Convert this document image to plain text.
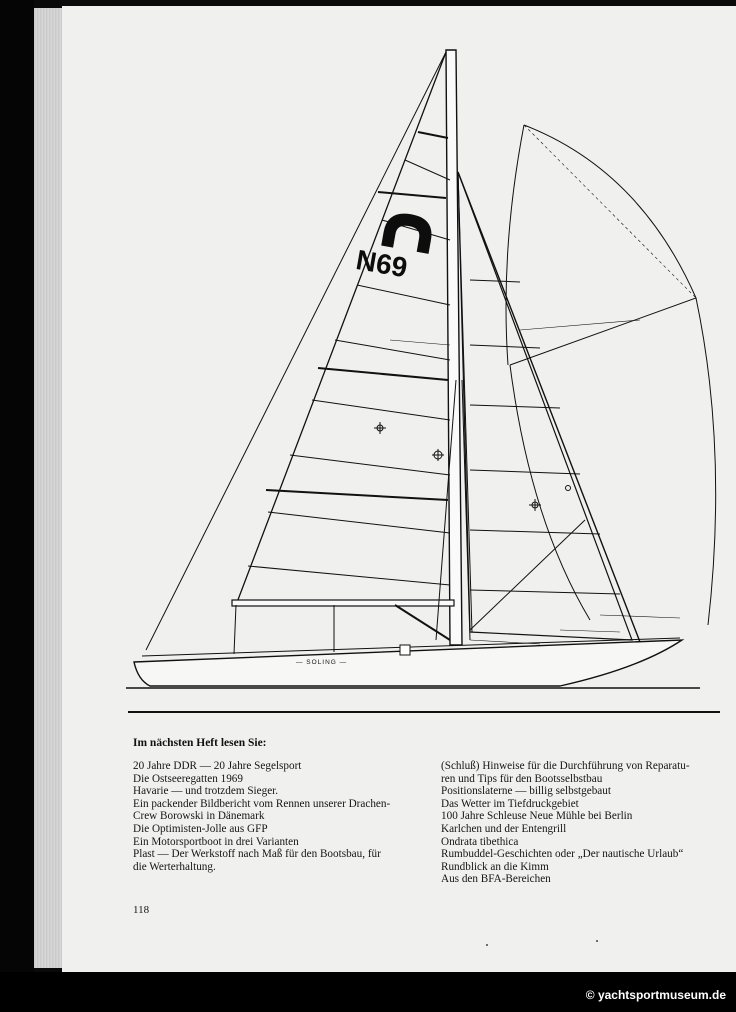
N69
— SOLING —
Im nächsten Heft lesen Sie:
20 Jahre DDR — 20 Jahre Segelsport
Die Ostseeregatten 1969
Havarie — und trotzdem Sieger.
Ein packender Bildbericht vom Rennen unserer Drachen-
Crew Borowski in Dänemark
Die Optimisten-Jolle aus GFP
Ein Motorsportboot in drei Varianten
Plast — Der Werkstoff nach Maß für den Bootsbau, für
die Werterhaltung.
(Schluß) Hinweise für die Durchführung von Reparatu-
ren und Tips für den Bootsselbstbau
Positionslaterne — billig selbstgebaut
Das Wetter im Tiefdruckgebiet
100 Jahre Schleuse Neue Mühle bei Berlin
Karlchen und der Entengrill
Ondrata tibethica
Rumbuddel-Geschichten oder „Der nautische Urlaub“
Rundblick an die Kimm
Aus den BFA-Bereichen
118
© yachtsportmuseum.de
